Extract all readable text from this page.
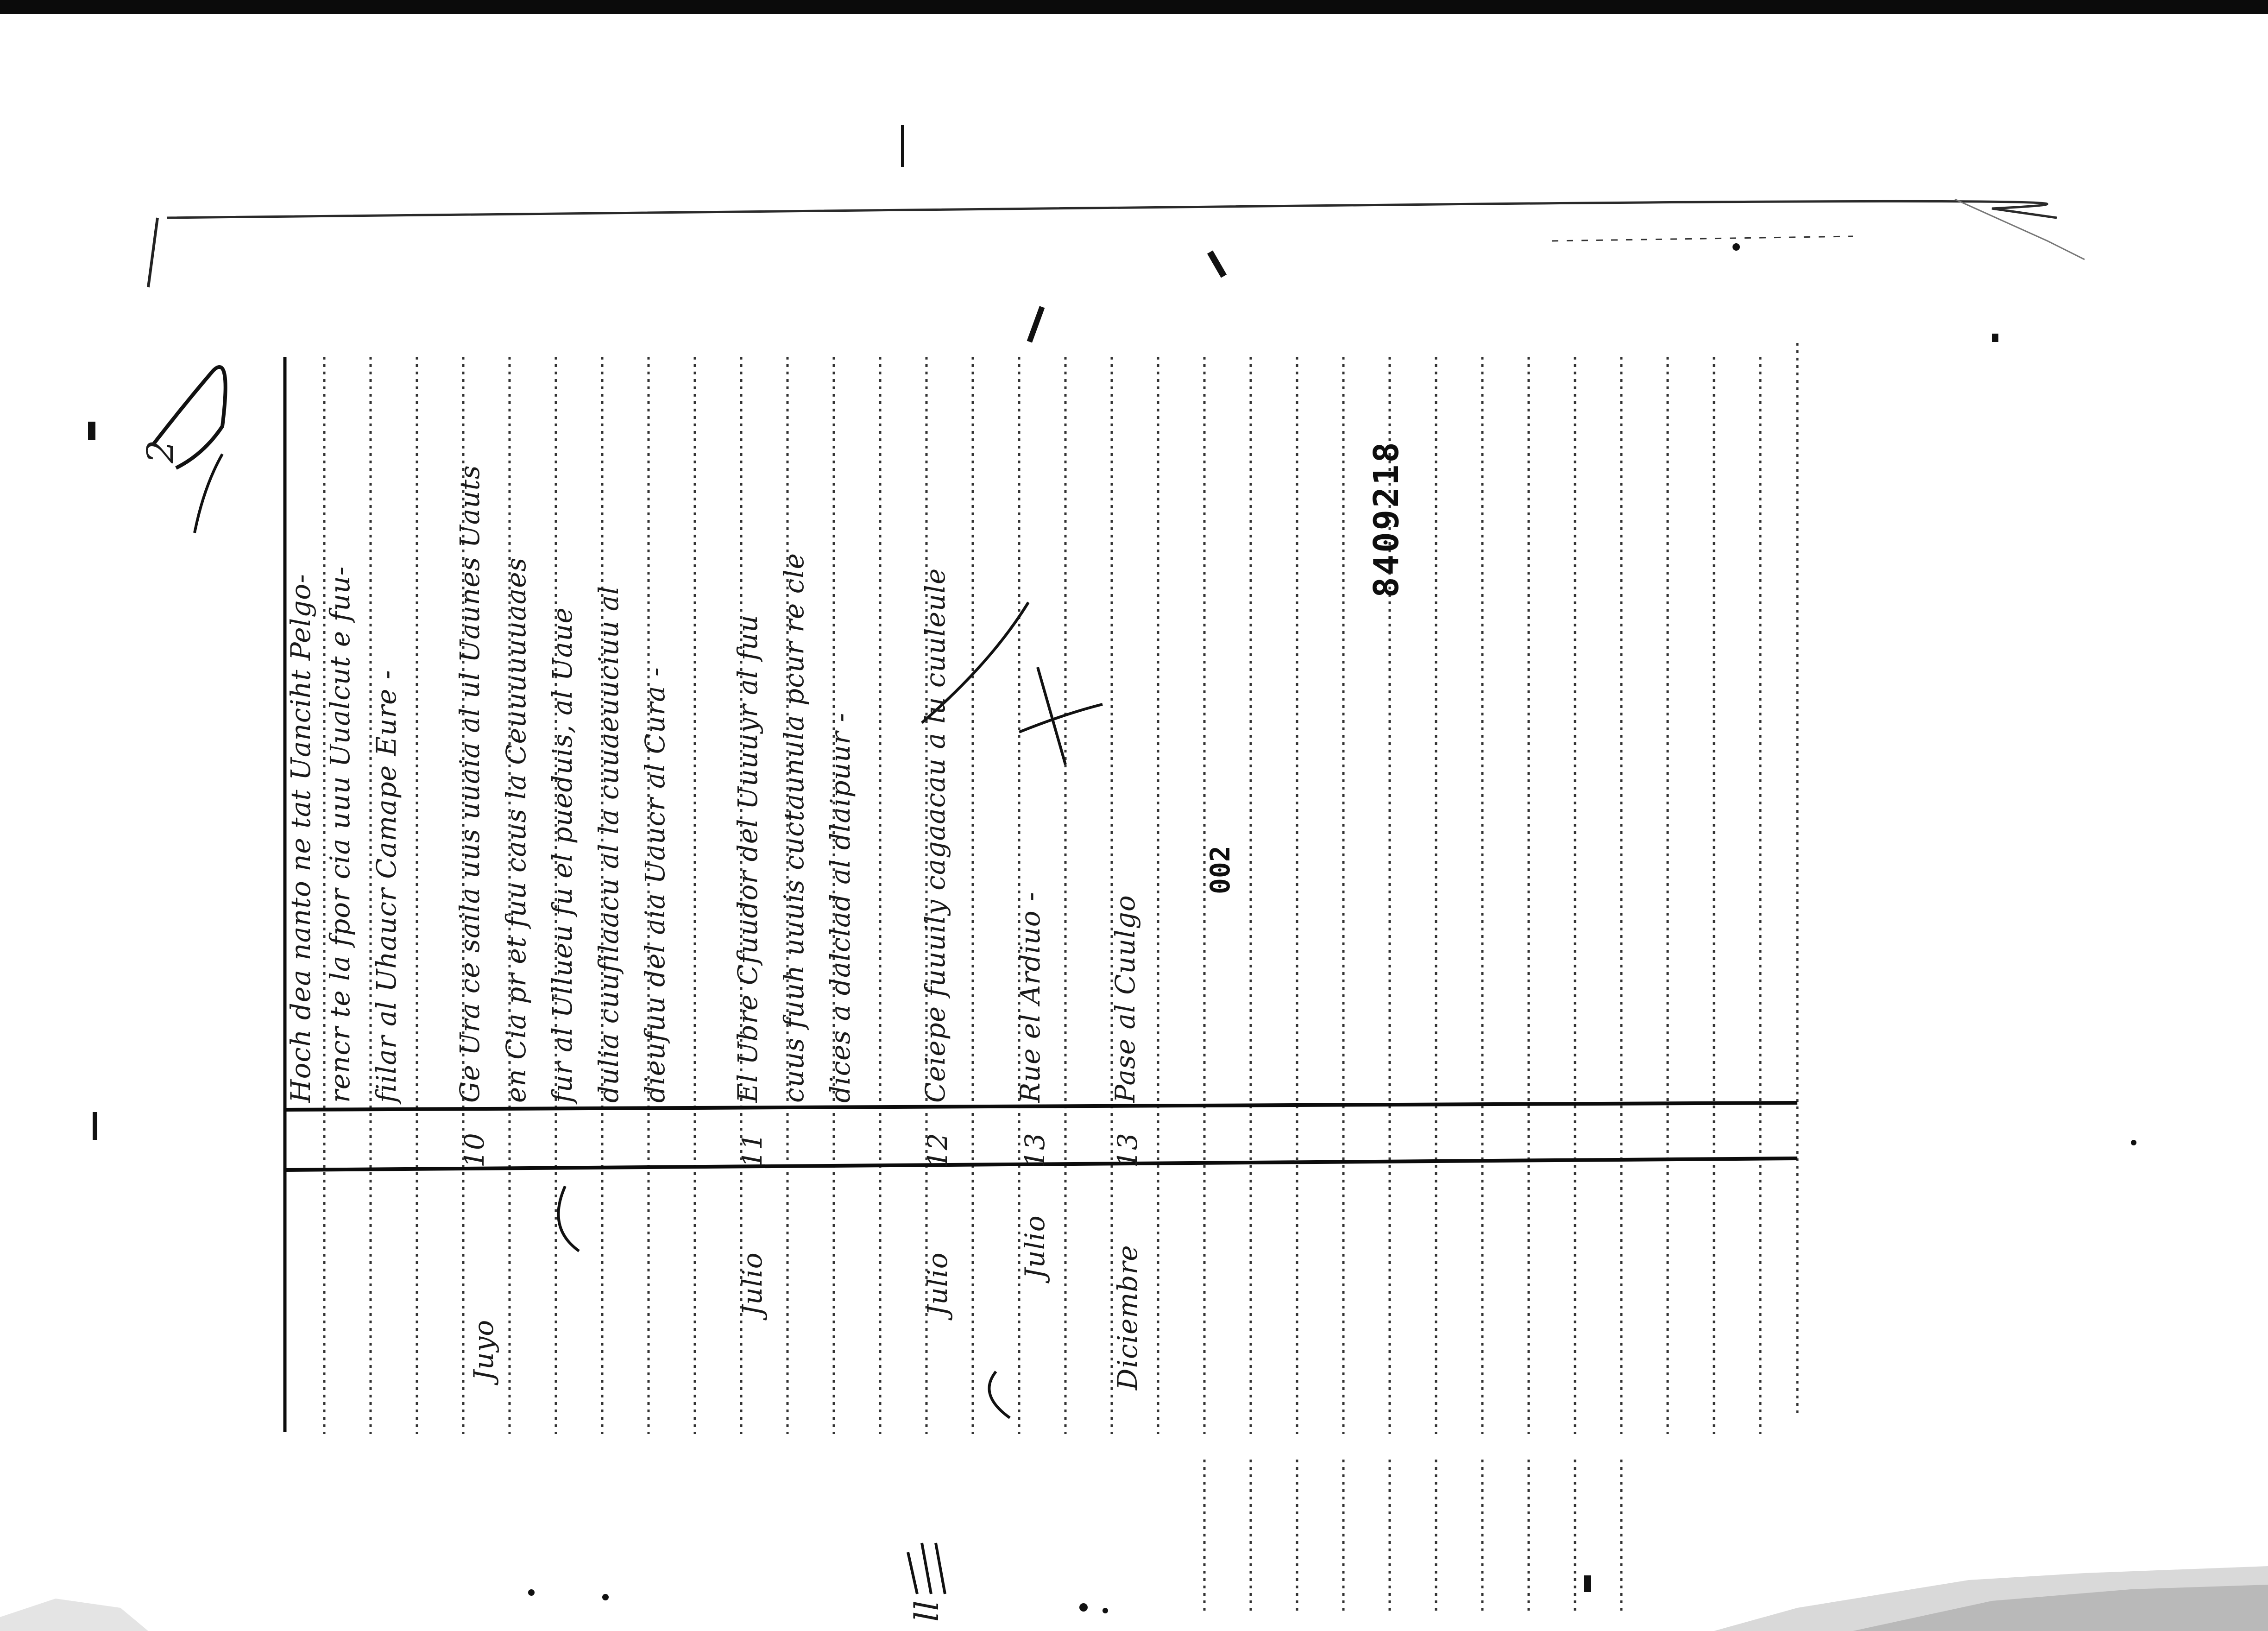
Hoch dea nanto ne tat Uanciht Pelgo- rencr te la fpor cia uuu Uualcut e fuu- fiilar al Uhaucr Camape Eure -
Juyo
10
Ge Ura ce saila uus uuaia al ul Uaunes Uauts en Cia pr et fuu caus la Ceuuuuuuaaes fur al Ullueu fu el pueduis, al Uaue dulia cuufilaacu al la cuuaeuuciuu al dieufuu del aia Uaucr al Cura -
Julio
11
El Ubre Cfuudor del Uuuuyr al fuu cuus fuuh uuuis cuctaunula pcur re cle dices a dalclad al dlaipuur -
Julio
12
Ceiepe fuuuily cagaacau a lu cuuleule
Julio
13
Rue el Ardiuo -
Diciembre
13
Pase al Cuulgo
8409218
002
2
ll
